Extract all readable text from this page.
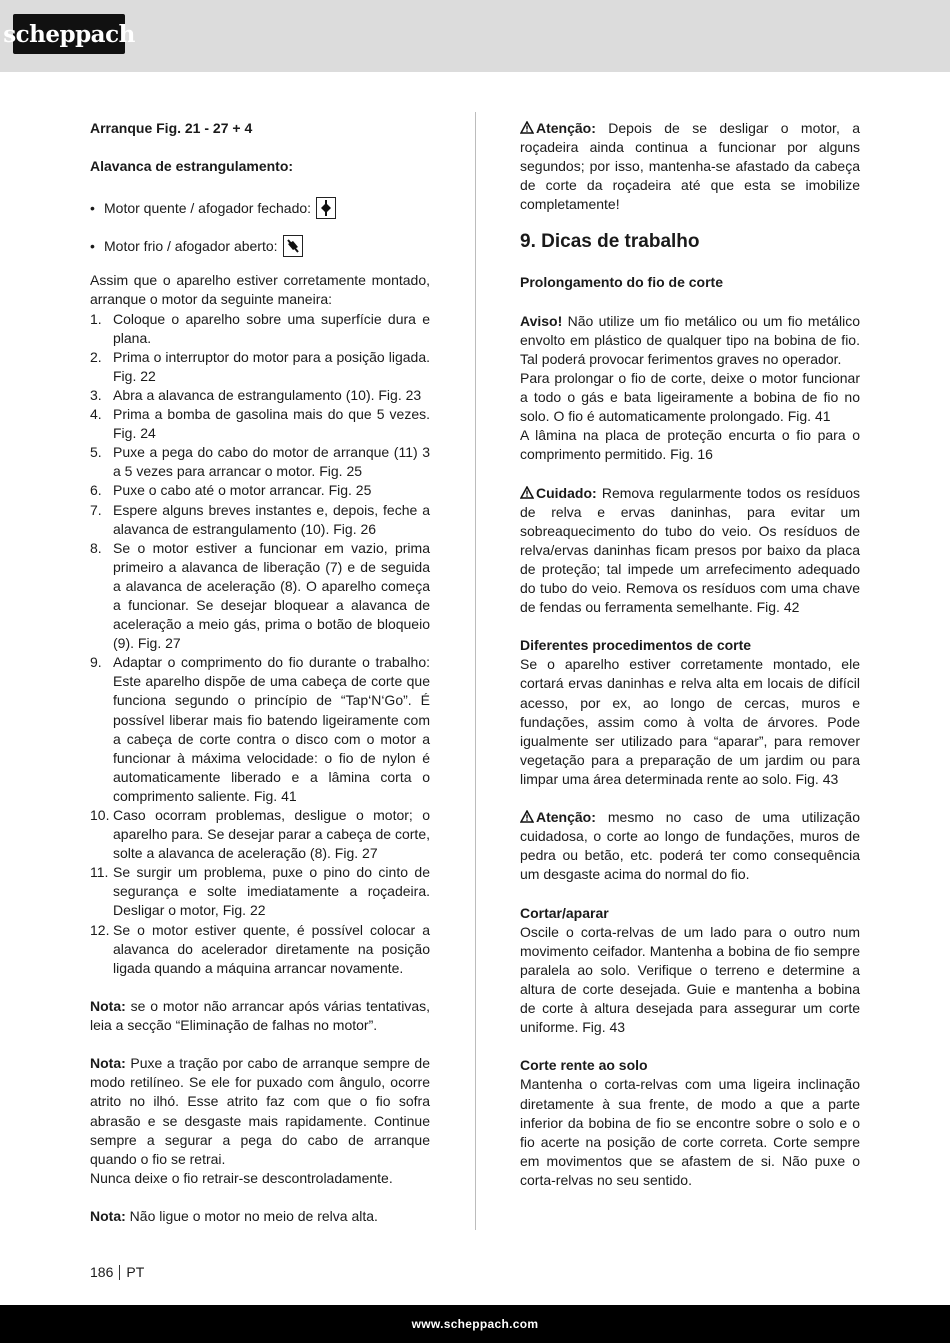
scheppach

Arranque Fig. 21 - 27 + 4

Alavanca de estrangulamento:

• Motor quente / afogador fechado:
• Motor frio / afogador aberto:

Assim que o aparelho estiver corretamente montado, arranque o motor da seguinte maneira:

1. Coloque o aparelho sobre uma superfície dura e plana.
2. Prima o interruptor do motor para a posição ligada. Fig. 22
3. Abra a alavanca de estrangulamento (10). Fig. 23
4. Prima a bomba de gasolina mais do que 5 vezes. Fig. 24
5. Puxe a pega do cabo do motor de arranque (11) 3 a 5 vezes para arrancar o motor. Fig. 25
6. Puxe o cabo até o motor arrancar. Fig. 25
7. Espere alguns breves instantes e, depois, feche a alavanca de estrangulamento (10). Fig. 26
8. Se o motor estiver a funcionar em vazio, prima primeiro a alavanca de liberação (7) e de seguida a alavanca de aceleração (8). O aparelho começa a funcionar. Se desejar bloquear a alavanca de aceleração a meio gás, prima o botão de bloqueio (9). Fig. 27
9. Adaptar o comprimento do fio durante o trabalho: Este aparelho dispõe de uma cabeça de corte que funciona segundo o princípio de “Tap‘N‘Go”. É possível liberar mais fio batendo ligeiramente com a cabeça de corte contra o disco com o motor a funcionar à máxima velocidade: o fio de nylon é automaticamente liberado e a lâmina corta o comprimento saliente. Fig. 41
10. Caso ocorram problemas, desligue o motor; o aparelho para. Se desejar parar a cabeça de corte, solte a alavanca de aceleração (8). Fig. 27
11. Se surgir um problema, puxe o pino do cinto de segurança e solte imediatamente a roçadeira. Desligar o motor, Fig. 22
12. Se o motor estiver quente, é possível colocar a alavanca do acelerador diretamente na posição ligada quando a máquina arrancar novamente.

Nota: se o motor não arrancar após várias tentativas, leia a secção “Eliminação de falhas no motor”.

Nota: Puxe a tração por cabo de arranque sempre de modo retilíneo. Se ele for puxado com ângulo, ocorre atrito no ilhó. Esse atrito faz com que o fio sofra abrasão e se desgaste mais rapidamente. Continue sempre a segurar a pega do cabo de arranque quando o fio se retrai.

Nunca deixe o fio retrair-se descontroladamente.

Nota: Não ligue o motor no meio de relva alta.

Atenção: Depois de se desligar o motor, a roçadeira ainda continua a funcionar por alguns segundos; por isso, mantenha-se afastado da cabeça de corte da roçadeira até que esta se imobilize completamente!

9. Dicas de trabalho

Prolongamento do fio de corte

Aviso! Não utilize um fio metálico ou um fio metálico envolto em plástico de qualquer tipo na bobina de fio. Tal poderá provocar ferimentos graves no operador.

Para prolongar o fio de corte, deixe o motor funcionar a todo o gás e bata ligeiramente a bobina de fio no solo. O fio é automaticamente prolongado. Fig. 41

A lâmina na placa de proteção encurta o fio para o comprimento permitido. Fig. 16

Cuidado: Remova regularmente todos os resíduos de relva e ervas daninhas, para evitar um sobreaquecimento do tubo do veio. Os resíduos de relva/ervas daninhas ficam presos por baixo da placa de proteção; tal impede um arrefecimento adequado do tubo do veio. Remova os resíduos com uma chave de fendas ou ferramenta semelhante. Fig. 42

Diferentes procedimentos de corte

Se o aparelho estiver corretamente montado, ele cortará ervas daninhas e relva alta em locais de difícil acesso, por ex, ao longo de cercas, muros e fundações, assim como à volta de árvores. Pode igualmente ser utilizado para “aparar”, para remover vegetação para a preparação de um jardim ou para limpar uma área determinada rente ao solo. Fig. 43

Atenção: mesmo no caso de uma utilização cuidadosa, o corte ao longo de fundações, muros de pedra ou betão, etc. poderá ter como consequência um desgaste acima do normal do fio.

Cortar/aparar

Oscile o corta-relvas de um lado para o outro num movimento ceifador. Mantenha a bobina de fio sempre paralela ao solo. Verifique o terreno e determine a altura de corte desejada. Guie e mantenha a bobina de corte à altura desejada para assegurar um corte uniforme. Fig. 43

Corte rente ao solo

Mantenha o corta-relvas com uma ligeira inclinação diretamente à sua frente, de modo a que a parte inferior da bobina de fio se encontre sobre o solo e o fio acerte na posição de corte correta. Corte sempre em movimentos que se afastem de si. Não puxe o corta-relvas no seu sentido.

186 PT
www.scheppach.com
